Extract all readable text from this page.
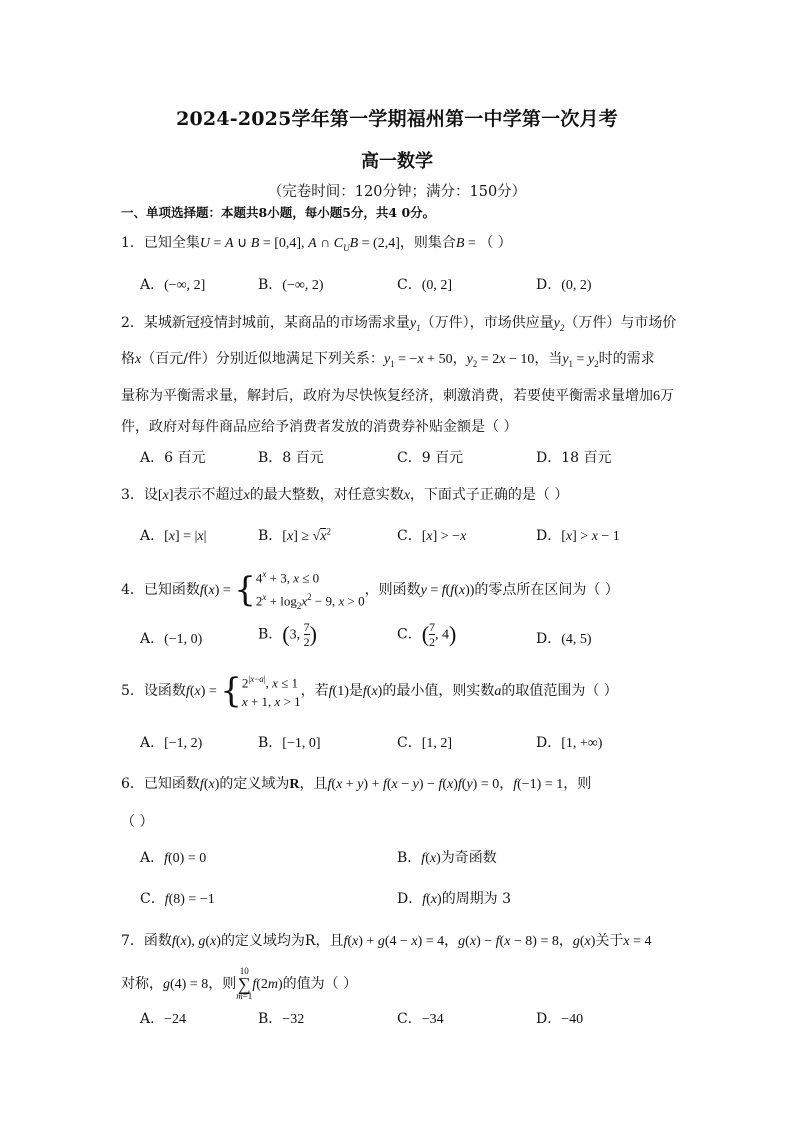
2024-2025学年第一学期福州第一中学第一次月考
高一数学
（完卷时间：120分钟；满分：150分）
一、单项选择题：本题共8小题，每小题5分，共4 0分。
1．已知全集U = A ∪ B = [0,4], A ∩ $C_UB = (2,4]$，则集合B = （ ）
A．(−∞, 2]	B．(−∞, 2)	C．(0, 2]	D．(0, 2)
2．某城新冠疫情封城前，某商品的市场需求量$y_1$（万件），市场供应量$y_2$（万件）与市场价
格x（百元/件）分别近似地满足下列关系：$y_1 = -x + 50$，$y_2 = 2x - 10$，当$y_1 = y_2$时的需求
量称为平衡需求量，解封后，政府为尽快恢复经济，刺激消费，若要使平衡需求量增加6万
件，政府对每件商品应给予消费者发放的消费券补贴金额是（ ）
A．6 百元	B．8 百元	C．9 百元	D．18 百元
3．设[x]表示不超过x的最大整数，对任意实数x，下面式子正确的是（ ）
A．[x] = |x|	B．$[x] \ge √x^2$	C．[x] > −x	D．[x] > x − 1
4．已知函数$f(x) = \{4^x + 3$, x ≤ 0
$2^x + \log_2x^2 - 9$, x > 0，则函数y = f(f(x))的零点所在区间为（ ）
A．(−1, 0)	B．(3, $\frac{7}{2}$ )	C．( $\frac{7}{2}$ , 4)	D．(4, 5)
5．设函数$f(x) = \{2^{|x-a|}$, x ≤ 1
x + 1, x > 1，若f(1)是f(x)的最小值，则实数a的取值范围为（ ）
A．[−1, 2)	B．[−1, 0]	C．[1, 2]	D．[1, +∞)
6．已知函数f(x)的定义域为R，且f(x + y) + f(x − y) − f(x)f(y) = 0，f(−1) = 1，则
（ ）
A．f(0) = 0	B．f(x)为奇函数
C．f(8) = −1	D．f(x)的周期为 3
7．函数f(x), g(x)的定义域均为R，且f(x) + g(4 − x) = 4，g(x) − f(x − 8) = 8，g(x)关于x = 4
对称，g(4) = 8，则
10
∑
m=1
f(2m)的值为（ ）
A．−24	B．−32	C．−34	D．−40
